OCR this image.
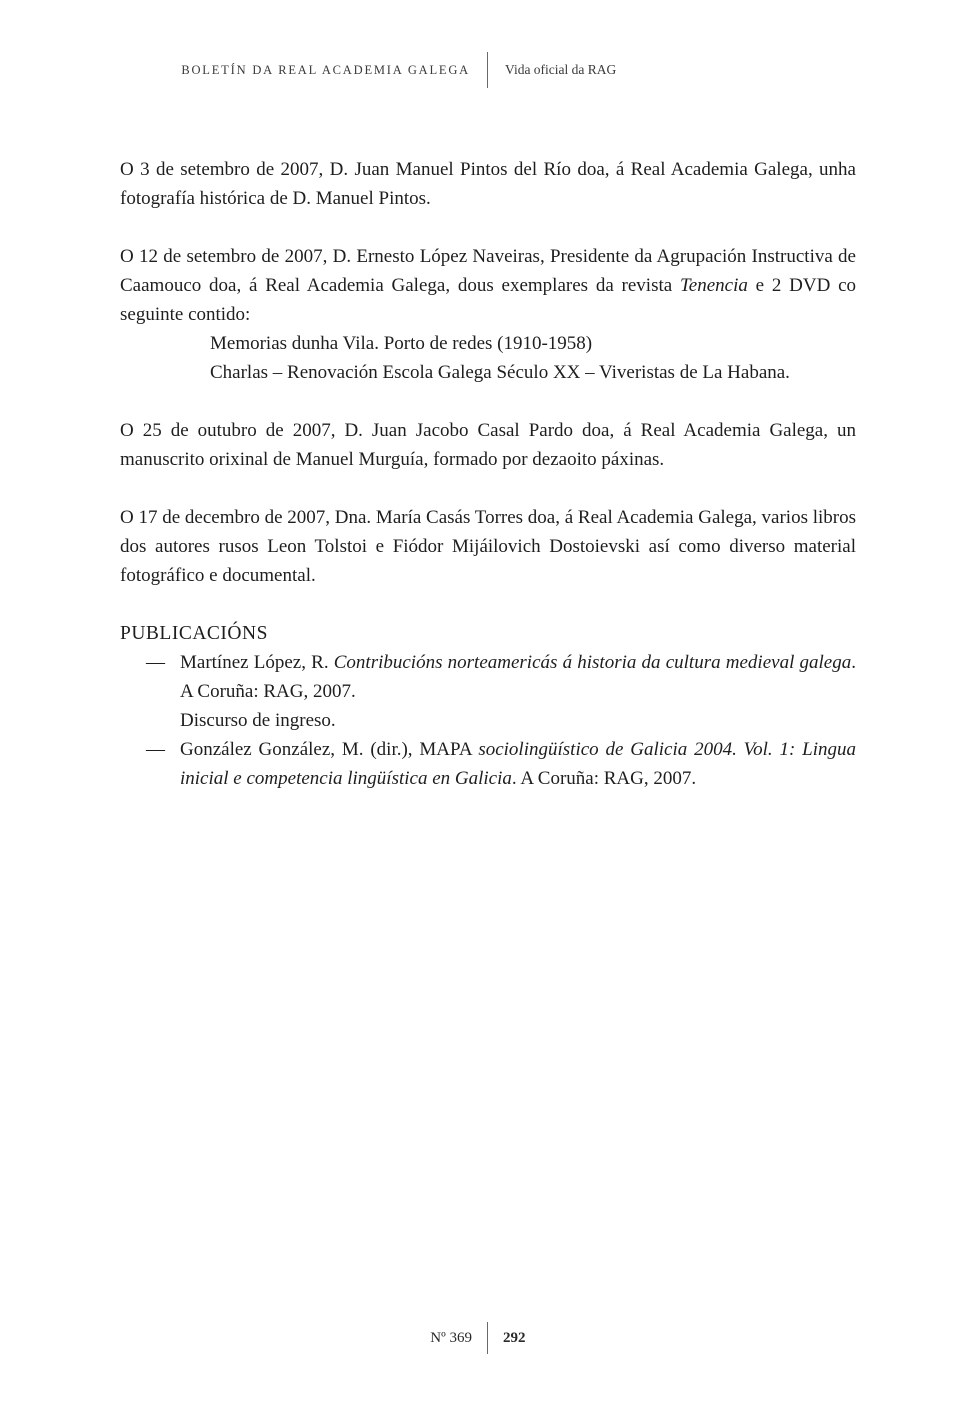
BOLETÍN DA REAL ACADEMIA GALEGA	Vida oficial da RAG

O 3 de setembro de 2007, D. Juan Manuel Pintos del Río doa, á Real Academia Galega, unha fotografía histórica de D. Manuel Pintos.

O 12 de setembro de 2007, D. Ernesto López Naveiras, Presidente da Agrupación Instructiva de Caamouco doa, á Real Academia Galega, dous exemplares da revista Tenencia e 2 DVD co seguinte contido:

Memorias dunha Vila. Porto de redes (1910-1958)
Charlas – Renovación Escola Galega Século XX – Viveristas de La Habana.

O 25 de outubro de 2007, D. Juan Jacobo Casal Pardo doa, á Real Academia Galega, un manuscrito orixinal de Manuel Murguía, formado por dezaoito páxinas.

O 17 de decembro de 2007, Dna. María Casás Torres doa, á Real Academia Galega, varios libros dos autores rusos Leon Tolstoi e Fiódor Mijáilovich Dostoievski así como diverso material fotográfico e documental.

PUBLICACIÓNS
— Martínez López, R. Contribucións norteamericás á historia da cultura medieval galega. A Coruña: RAG, 2007.
Discurso de ingreso.
— González González, M. (dir.), MAPA sociolingüístico de Galicia 2004. Vol. 1: Lingua inicial e competencia lingüística en Galicia. A Coruña: RAG, 2007.
Nº 369	292
